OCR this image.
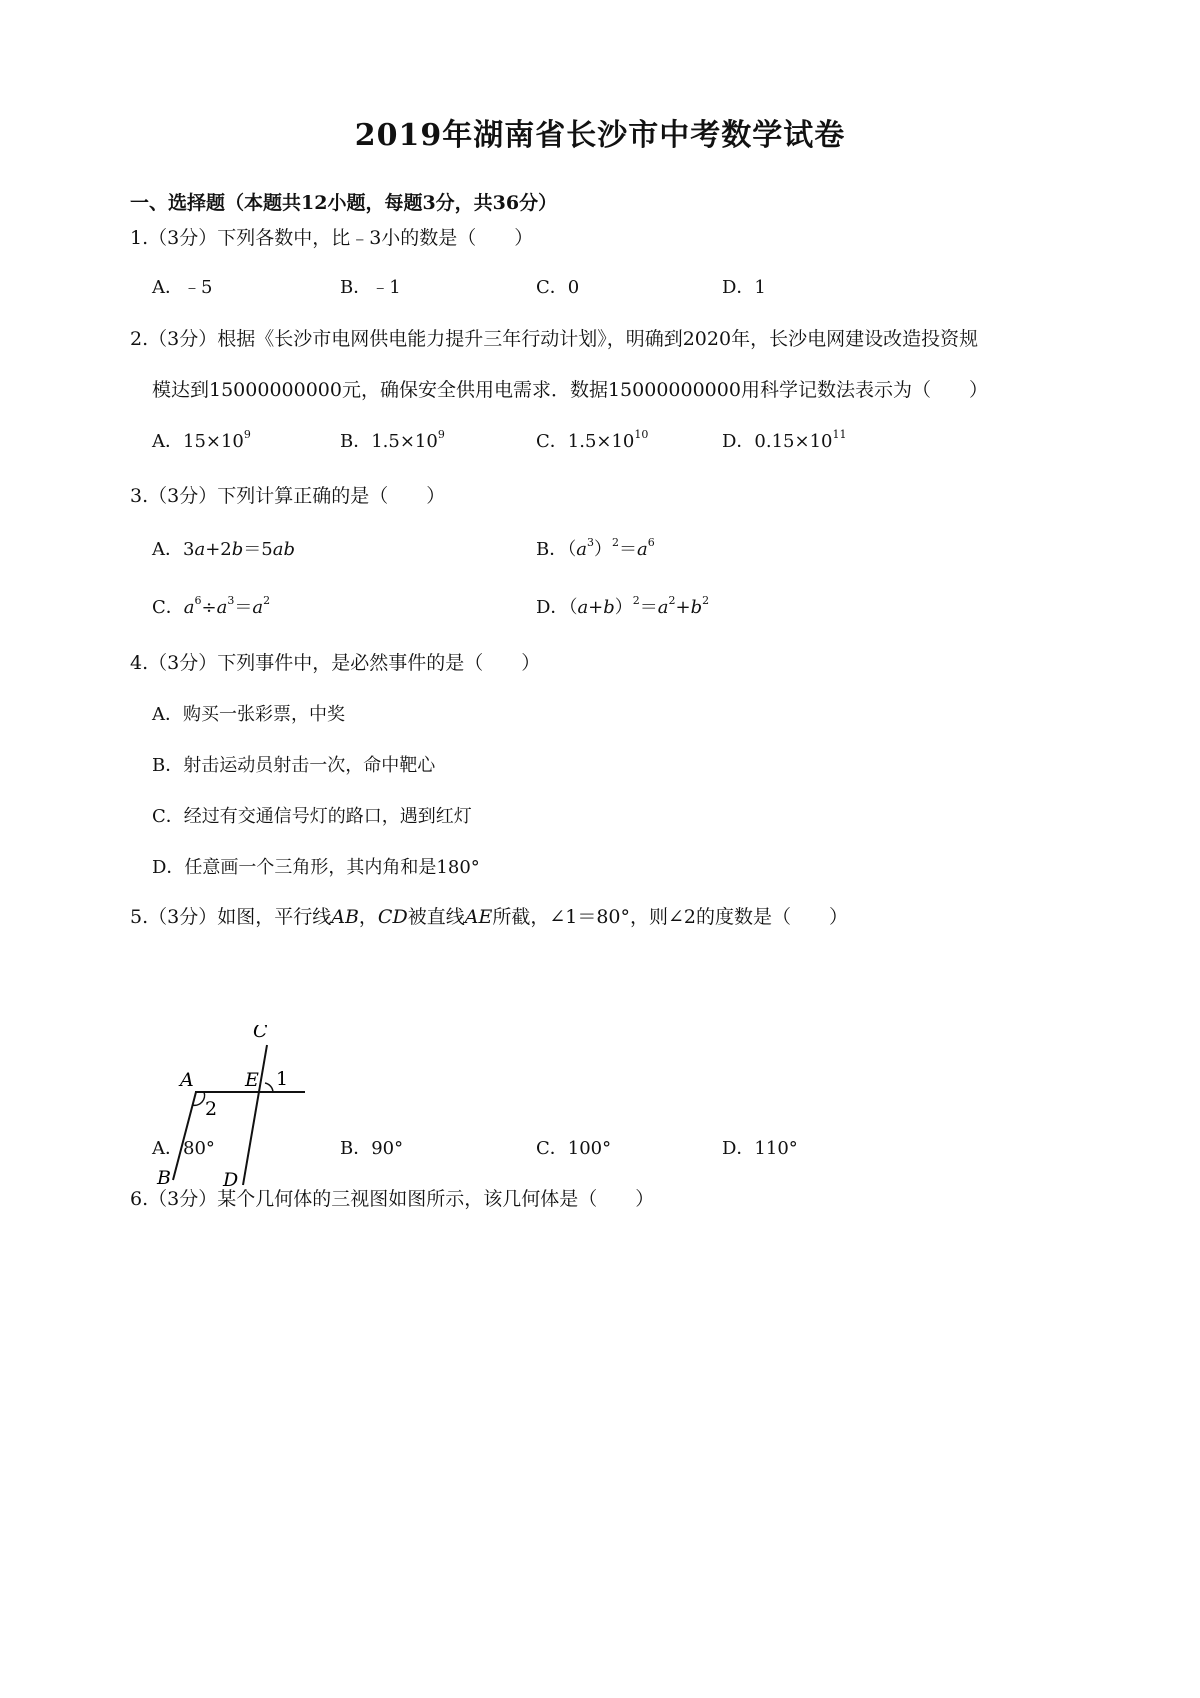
2019年湖南省长沙市中考数学试卷
一、选择题（本题共12小题，每题3分，共36分）
1.（3分）下列各数中，比﹣3小的数是（　　）
A．﹣5	B．﹣1	C．0	D．1
2.（3分）根据《长沙市电网供电能力提升三年行动计划》，明确到2020年，长沙电网建设改造投资规
模达到15000000000元，确保安全供用电需求．数据15000000000用科学记数法表示为（　　）
A．$15\times 10^9$	B．$1.5\times 10^9$	C．$1.5\times 10^{10}$	D．$0.15\times 10^{11}$
3.（3分）下列计算正确的是（　　）
A．3a+2b＝5ab	B．$(a^3)^2=a^6$
C．$a^6\div a^3=a^2$	D．$(a+b)^2=a^2+b^2$
4.（3分）下列事件中，是必然事件的是（　　）
A．购买一张彩票，中奖
B．射击运动员射击一次，命中靶心
C．经过有交通信号灯的路口，遇到红灯
D．任意画一个三角形，其内角和是180°
5.（3分）如图，平行线AB，CD被直线AE所截，∠1＝80°，则∠2的度数是（　　）
C
A	E 1
2
B	D
A．80°	B．90°	C．100°	D．110°
6.（3分）某个几何体的三视图如图所示，该几何体是（　　）
